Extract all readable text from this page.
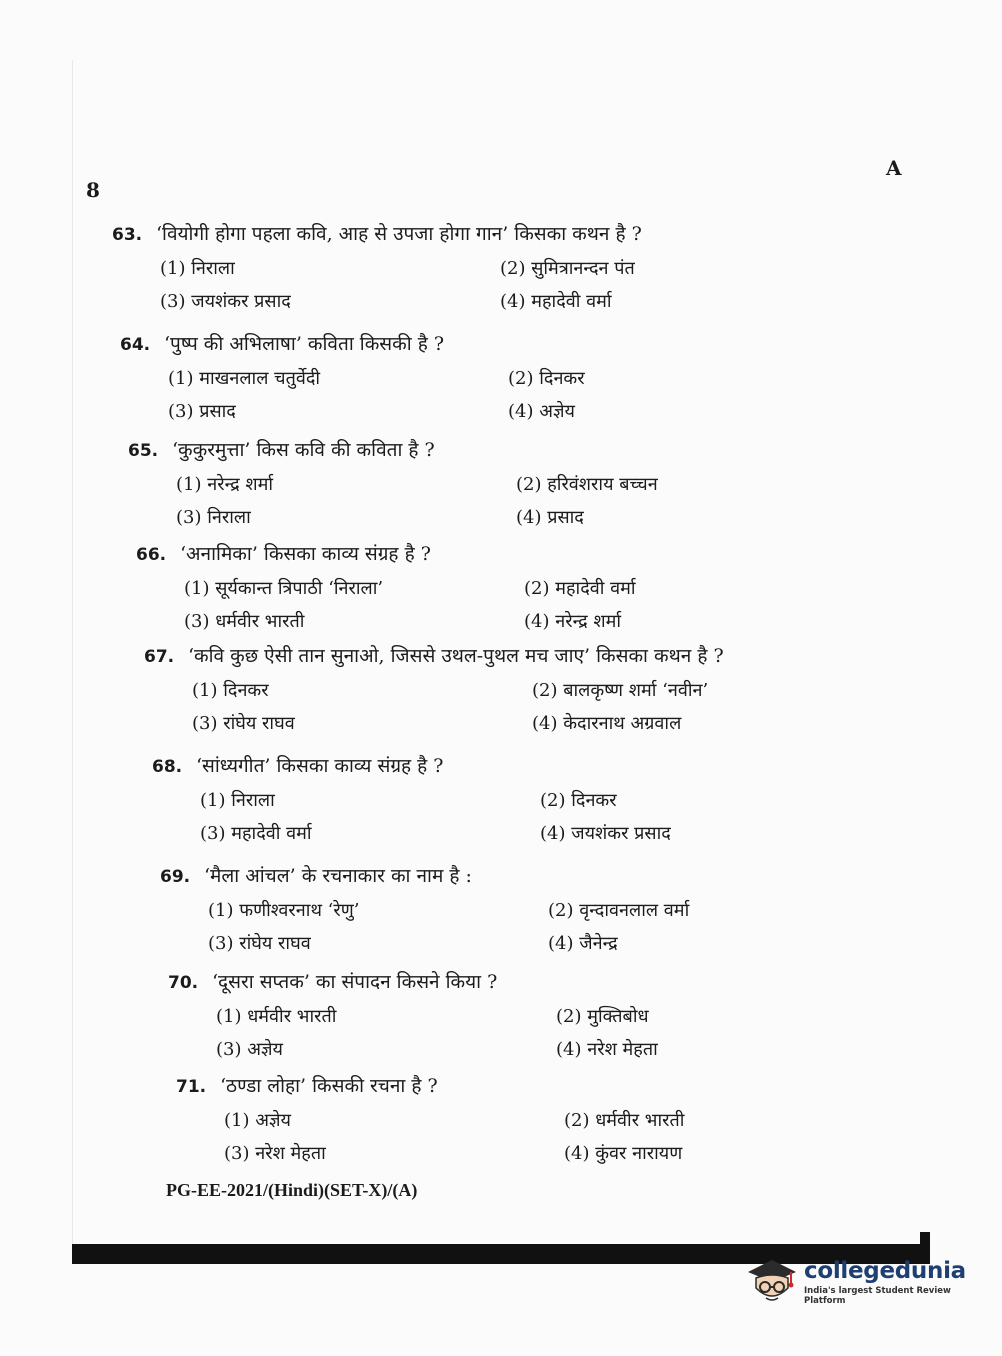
8
A
63. ‘वियोगी होगा पहला कवि, आह से उपजा होगा गान’ किसका कथन है ?
(1) निराला	(2) सुमित्रानन्दन पंत
(3) जयशंकर प्रसाद	(4) महादेवी वर्मा
64. ‘पुष्प की अभिलाषा’ कविता किसकी है ?
(1) माखनलाल चतुर्वेदी	(2) दिनकर
(3) प्रसाद	(4) अज्ञेय
65. ‘कुकुरमुत्ता’ किस कवि की कविता है ?
(1) नरेन्द्र शर्मा	(2) हरिवंशराय बच्चन
(3) निराला	(4) प्रसाद
66. ‘अनामिका’ किसका काव्य संग्रह है ?
(1) सूर्यकान्त त्रिपाठी ‘निराला’	(2) महादेवी वर्मा
(3) धर्मवीर भारती	(4) नरेन्द्र शर्मा
67. ‘कवि कुछ ऐसी तान सुनाओ, जिससे उथल-पुथल मच जाए’ किसका कथन है ?
(1) दिनकर	(2) बालकृष्ण शर्मा ‘नवीन’
(3) रांघेय राघव	(4) केदारनाथ अग्रवाल
68. ‘सांध्यगीत’ किसका काव्य संग्रह है ?
(1) निराला	(2) दिनकर
(3) महादेवी वर्मा	(4) जयशंकर प्रसाद
69. ‘मैला आंचल’ के रचनाकार का नाम है :
(1) फणीश्वरनाथ ‘रेणु’	(2) वृन्दावनलाल वर्मा
(3) रांघेय राघव	(4) जैनेन्द्र
70. ‘दूसरा सप्तक’ का संपादन किसने किया ?
(1) धर्मवीर भारती	(2) मुक्तिबोध
(3) अज्ञेय	(4) नरेश मेहता
71. ‘ठण्डा लोहा’ किसकी रचना है ?
(1) अज्ञेय	(2) धर्मवीर भारती
(3) नरेश मेहता	(4) कुंवर नारायण
PG-EE-2021/(Hindi)(SET-X)/(A)
collegedunia
India's largest Student Review Platform
